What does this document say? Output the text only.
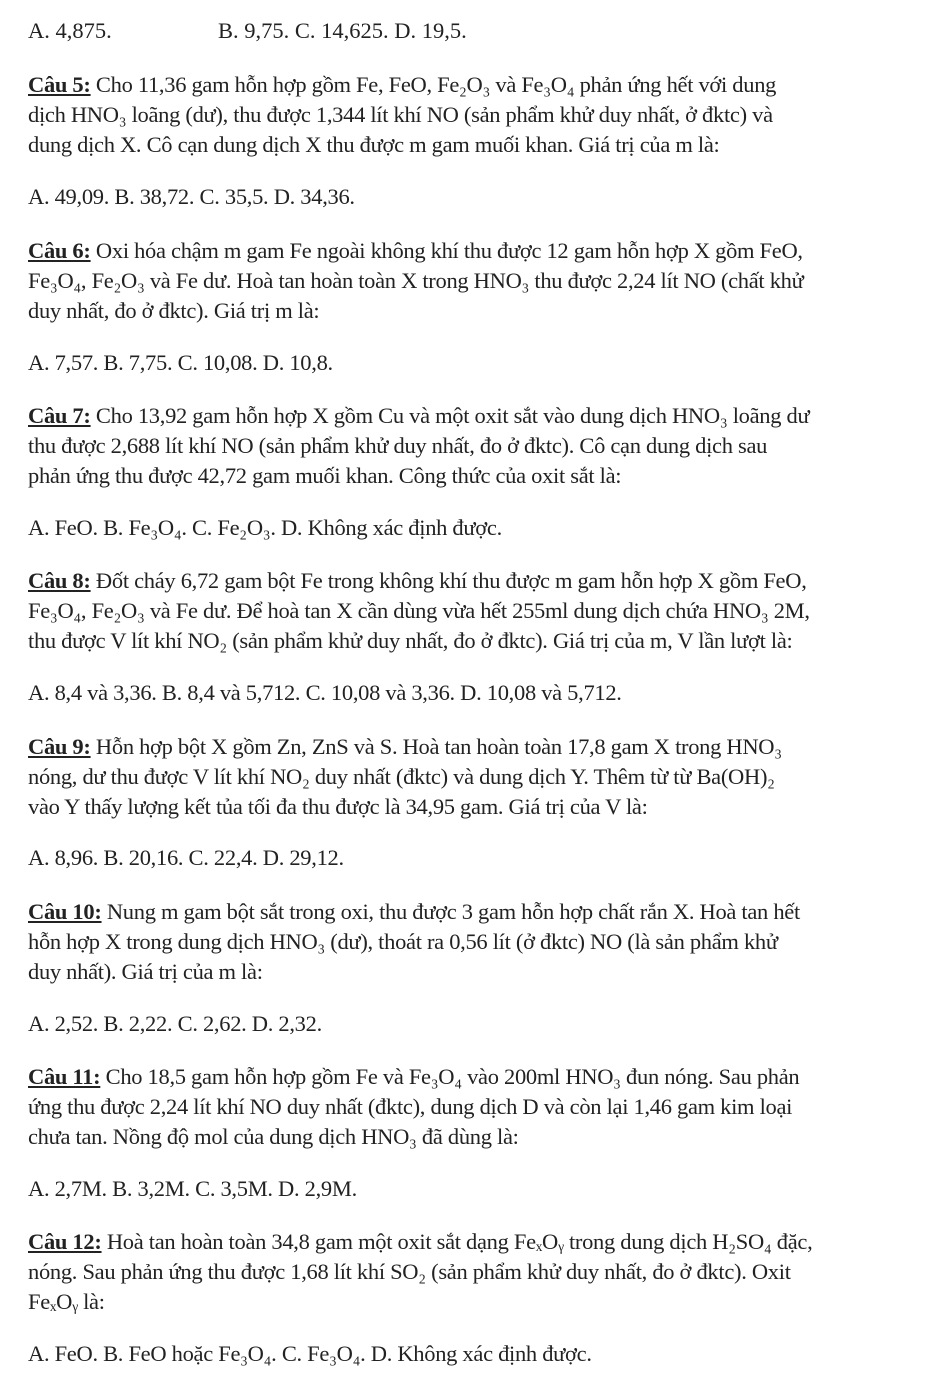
A. 4,875.	B. 9,75. C. 14,625. D. 19,5.
Câu 5: Cho 11,36 gam hỗn hợp gồm Fe, FeO, Fe₂O₃ và Fe₃O₄ phản ứng hết với dung
dịch HNO₃ loãng (dư), thu được 1,344 lít khí NO (sản phẩm khử duy nhất, ở đktc) và
dung dịch X. Cô cạn dung dịch X thu được m gam muối khan. Giá trị của m là:
A. 49,09. B. 38,72. C. 35,5. D. 34,36.
Câu 6: Oxi hóa chậm m gam Fe ngoài không khí thu được 12 gam hỗn hợp X gồm FeO,
Fe₃O₄, Fe₂O₃ và Fe dư. Hoà tan hoàn toàn X trong HNO₃ thu được 2,24 lít NO (chất khử
duy nhất, đo ở đktc). Giá trị m là:
A. 7,57. B. 7,75. C. 10,08. D. 10,8.
Câu 7: Cho 13,92 gam hỗn hợp X gồm Cu và một oxit sắt vào dung dịch HNO₃ loãng dư
thu được 2,688 lít khí NO (sản phẩm khử duy nhất, đo ở đktc). Cô cạn dung dịch sau
phản ứng thu được 42,72 gam muối khan. Công thức của oxit sắt là:
A. FeO. B. Fe₃O₄. C. Fe₂O₃. D. Không xác định được.
Câu 8: Đốt cháy 6,72 gam bột Fe trong không khí thu được m gam hỗn hợp X gồm FeO,
Fe₃O₄, Fe₂O₃ và Fe dư. Để hoà tan X cần dùng vừa hết 255ml dung dịch chứa HNO₃ 2M,
thu được V lít khí NO₂ (sản phẩm khử duy nhất, đo ở đktc). Giá trị của m, V lần lượt là:
A. 8,4 và 3,36. B. 8,4 và 5,712. C. 10,08 và 3,36. D. 10,08 và 5,712.
Câu 9: Hỗn hợp bột X gồm Zn, ZnS và S. Hoà tan hoàn toàn 17,8 gam X trong HNO₃
nóng, dư thu được V lít khí NO₂ duy nhất (đktc) và dung dịch Y. Thêm từ từ Ba(OH)₂
vào Y thấy lượng kết tủa tối đa thu được là 34,95 gam. Giá trị của V là:
A. 8,96. B. 20,16. C. 22,4. D. 29,12.
Câu 10: Nung m gam bột sắt trong oxi, thu được 3 gam hỗn hợp chất rắn X. Hoà tan hết
hỗn hợp X trong dung dịch HNO₃ (dư), thoát ra 0,56 lít (ở đktc) NO (là sản phẩm khử
duy nhất). Giá trị của m là:
A. 2,52. B. 2,22. C. 2,62. D. 2,32.
Câu 11: Cho 18,5 gam hỗn hợp gồm Fe và Fe₃O₄ vào 200ml HNO₃ đun nóng. Sau phản
ứng thu được 2,24 lít khí NO duy nhất (đktc), dung dịch D và còn lại 1,46 gam kim loại
chưa tan. Nồng độ mol của dung dịch HNO₃ đã dùng là:
A. 2,7M. B. 3,2M. C. 3,5M. D. 2,9M.
Câu 12: Hoà tan hoàn toàn 34,8 gam một oxit sắt dạng FeₓOᵧ trong dung dịch H₂SO₄ đặc,
nóng. Sau phản ứng thu được 1,68 lít khí SO₂ (sản phẩm khử duy nhất, đo ở đktc). Oxit
FeₓOᵧ là:
A. FeO. B. FeO hoặc Fe₃O₄. C. Fe₃O₄. D. Không xác định được.
